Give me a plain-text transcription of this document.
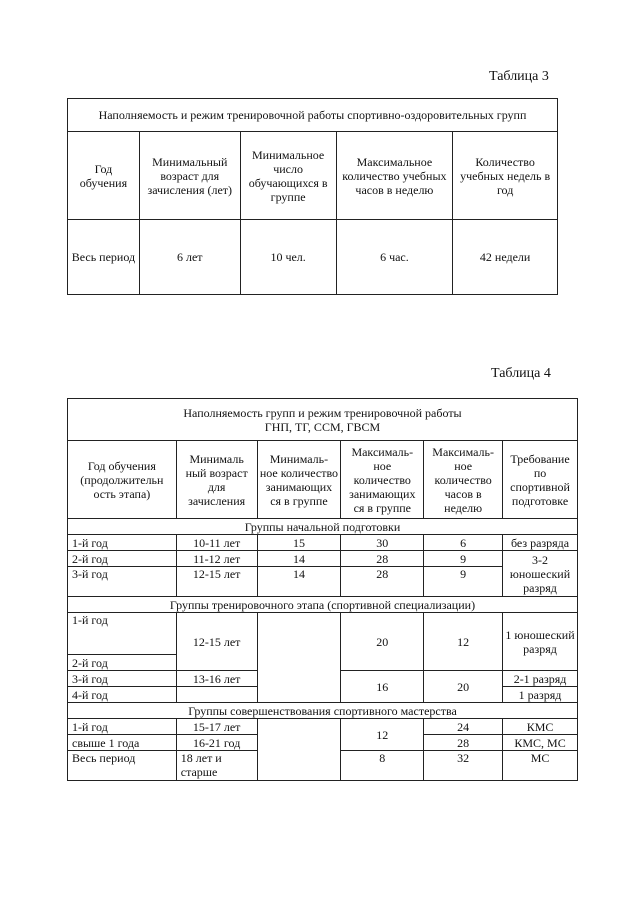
Таблица 3
Наполняемость и режим тренировочной работы спортивно-оздоровительных групп				
Год обучения	Минимальный возраст для зачисления (лет)	Минимальное число обучающихся в группе	Максимальное количество учебных часов в неделю	Количество учебных недель в год
Весь период	6 лет	10 чел.	6 час.	42 недели
Таблица 4
Наполняемость групп и режим тренировочной работы
ГНП, ТГ, ССМ, ГВСМ					

Год обучения (продолжительн ость этапа)	Минималь ный возраст для зачисления	Минималь- ное количество занимающих ся в группе	Максималь- ное количество занимающих ся в группе	Максималь- ное количество часов в неделю	Требование по спортивной подготовке
Группы начальной подготовки					
1-й год	10-11 лет	15	30	6	без разряда
2-й год	11-12 лет	14	28	9	3-2 юношеский разряд
3-й год	12-15 лет	14	28	9	
Группы тренировочного этапа (спортивной специализации)					
1-й год	12-15 лет		20	12	1 юношеский разряд
2-й год					
3-й год	13-16 лет		16	20	2-1 разряд
4-й год					1 разряд
Группы совершенствования спортивного мастерства					
1-й год	15-17 лет		12	24	КМС
свыше 1 года	16-21 год			28	КМС, МС
Весь период	18 лет и старше		8	32	МС
